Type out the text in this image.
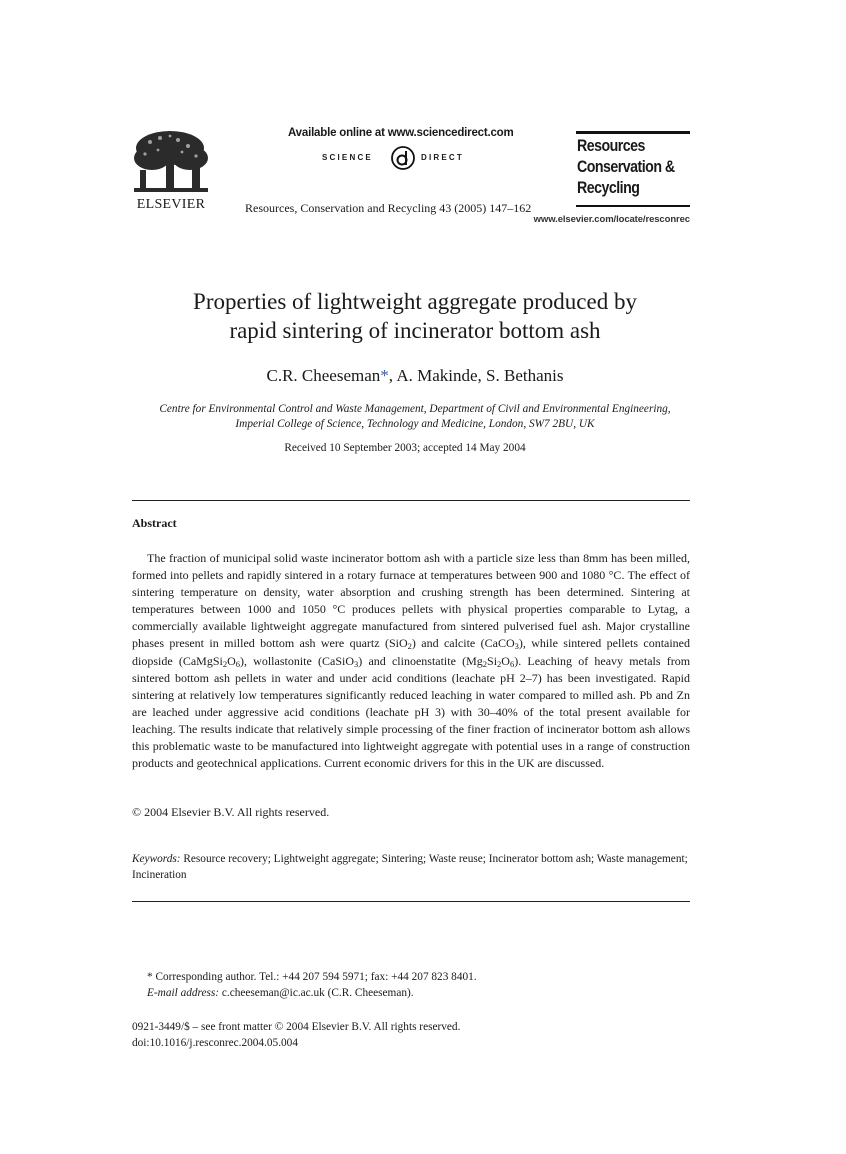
ELSEVIER
Available online at www.sciencedirect.com
SCIENCE	DIRECT
Resources, Conservation and Recycling 43 (2005) 147–162
Resources
Conservation &
Recycling
www.elsevier.com/locate/resconrec
Properties of lightweight aggregate produced by
rapid sintering of incinerator bottom ash
C.R. Cheeseman*, A. Makinde, S. Bethanis
Centre for Environmental Control and Waste Management, Department of Civil and Environmental Engineering,
Imperial College of Science, Technology and Medicine, London, SW7 2BU, UK
Received 10 September 2003; accepted 14 May 2004
Abstract

The fraction of municipal solid waste incinerator bottom ash with a particle size less than 8mm has been milled, formed into pellets and rapidly sintered in a rotary furnace at temperatures between 900 and 1080 °C. The effect of sintering temperature on density, water absorption and crushing strength has been determined. Sintering at temperatures between 1000 and 1050 °C produces pellets with physical properties comparable to Lytag, a commercially available lightweight aggregate manufactured from sintered pulverised fuel ash. Major crystalline phases present in milled bottom ash were quartz (SiO$_2$) and calcite (CaCO$_3$), while sintered pellets contained diopside $(CaMgSi_2O_6)$, wollastonite (CaSiO$_3$) and clinoenstatite $(Mg_2Si_2O_6)$. Leaching of heavy metals from sintered bottom ash pellets in water and under acid conditions (leachate pH 2–7) has been investigated. Rapid sintering at relatively low temperatures significantly reduced leaching in water compared to milled ash. Pb and Zn are leached under aggressive acid conditions (leachate pH 3) with 30–40% of the total present available for leaching. The results indicate that relatively simple processing of the finer fraction of incinerator bottom ash allows this problematic waste to be manufactured into lightweight aggregate with potential uses in a range of construction products and geotechnical applications. Current economic drivers for this in the UK are discussed.

© 2004 Elsevier B.V. All rights reserved.
Keywords: Resource recovery; Lightweight aggregate; Sintering; Waste reuse; Incinerator bottom ash; Waste management; Incineration
* Corresponding author. Tel.: +44 207 594 5971; fax: +44 207 823 8401.
E-mail address: c.cheeseman@ic.ac.uk (C.R. Cheeseman).
0921-3449/$ – see front matter © 2004 Elsevier B.V. All rights reserved.
doi:10.1016/j.resconrec.2004.05.004
